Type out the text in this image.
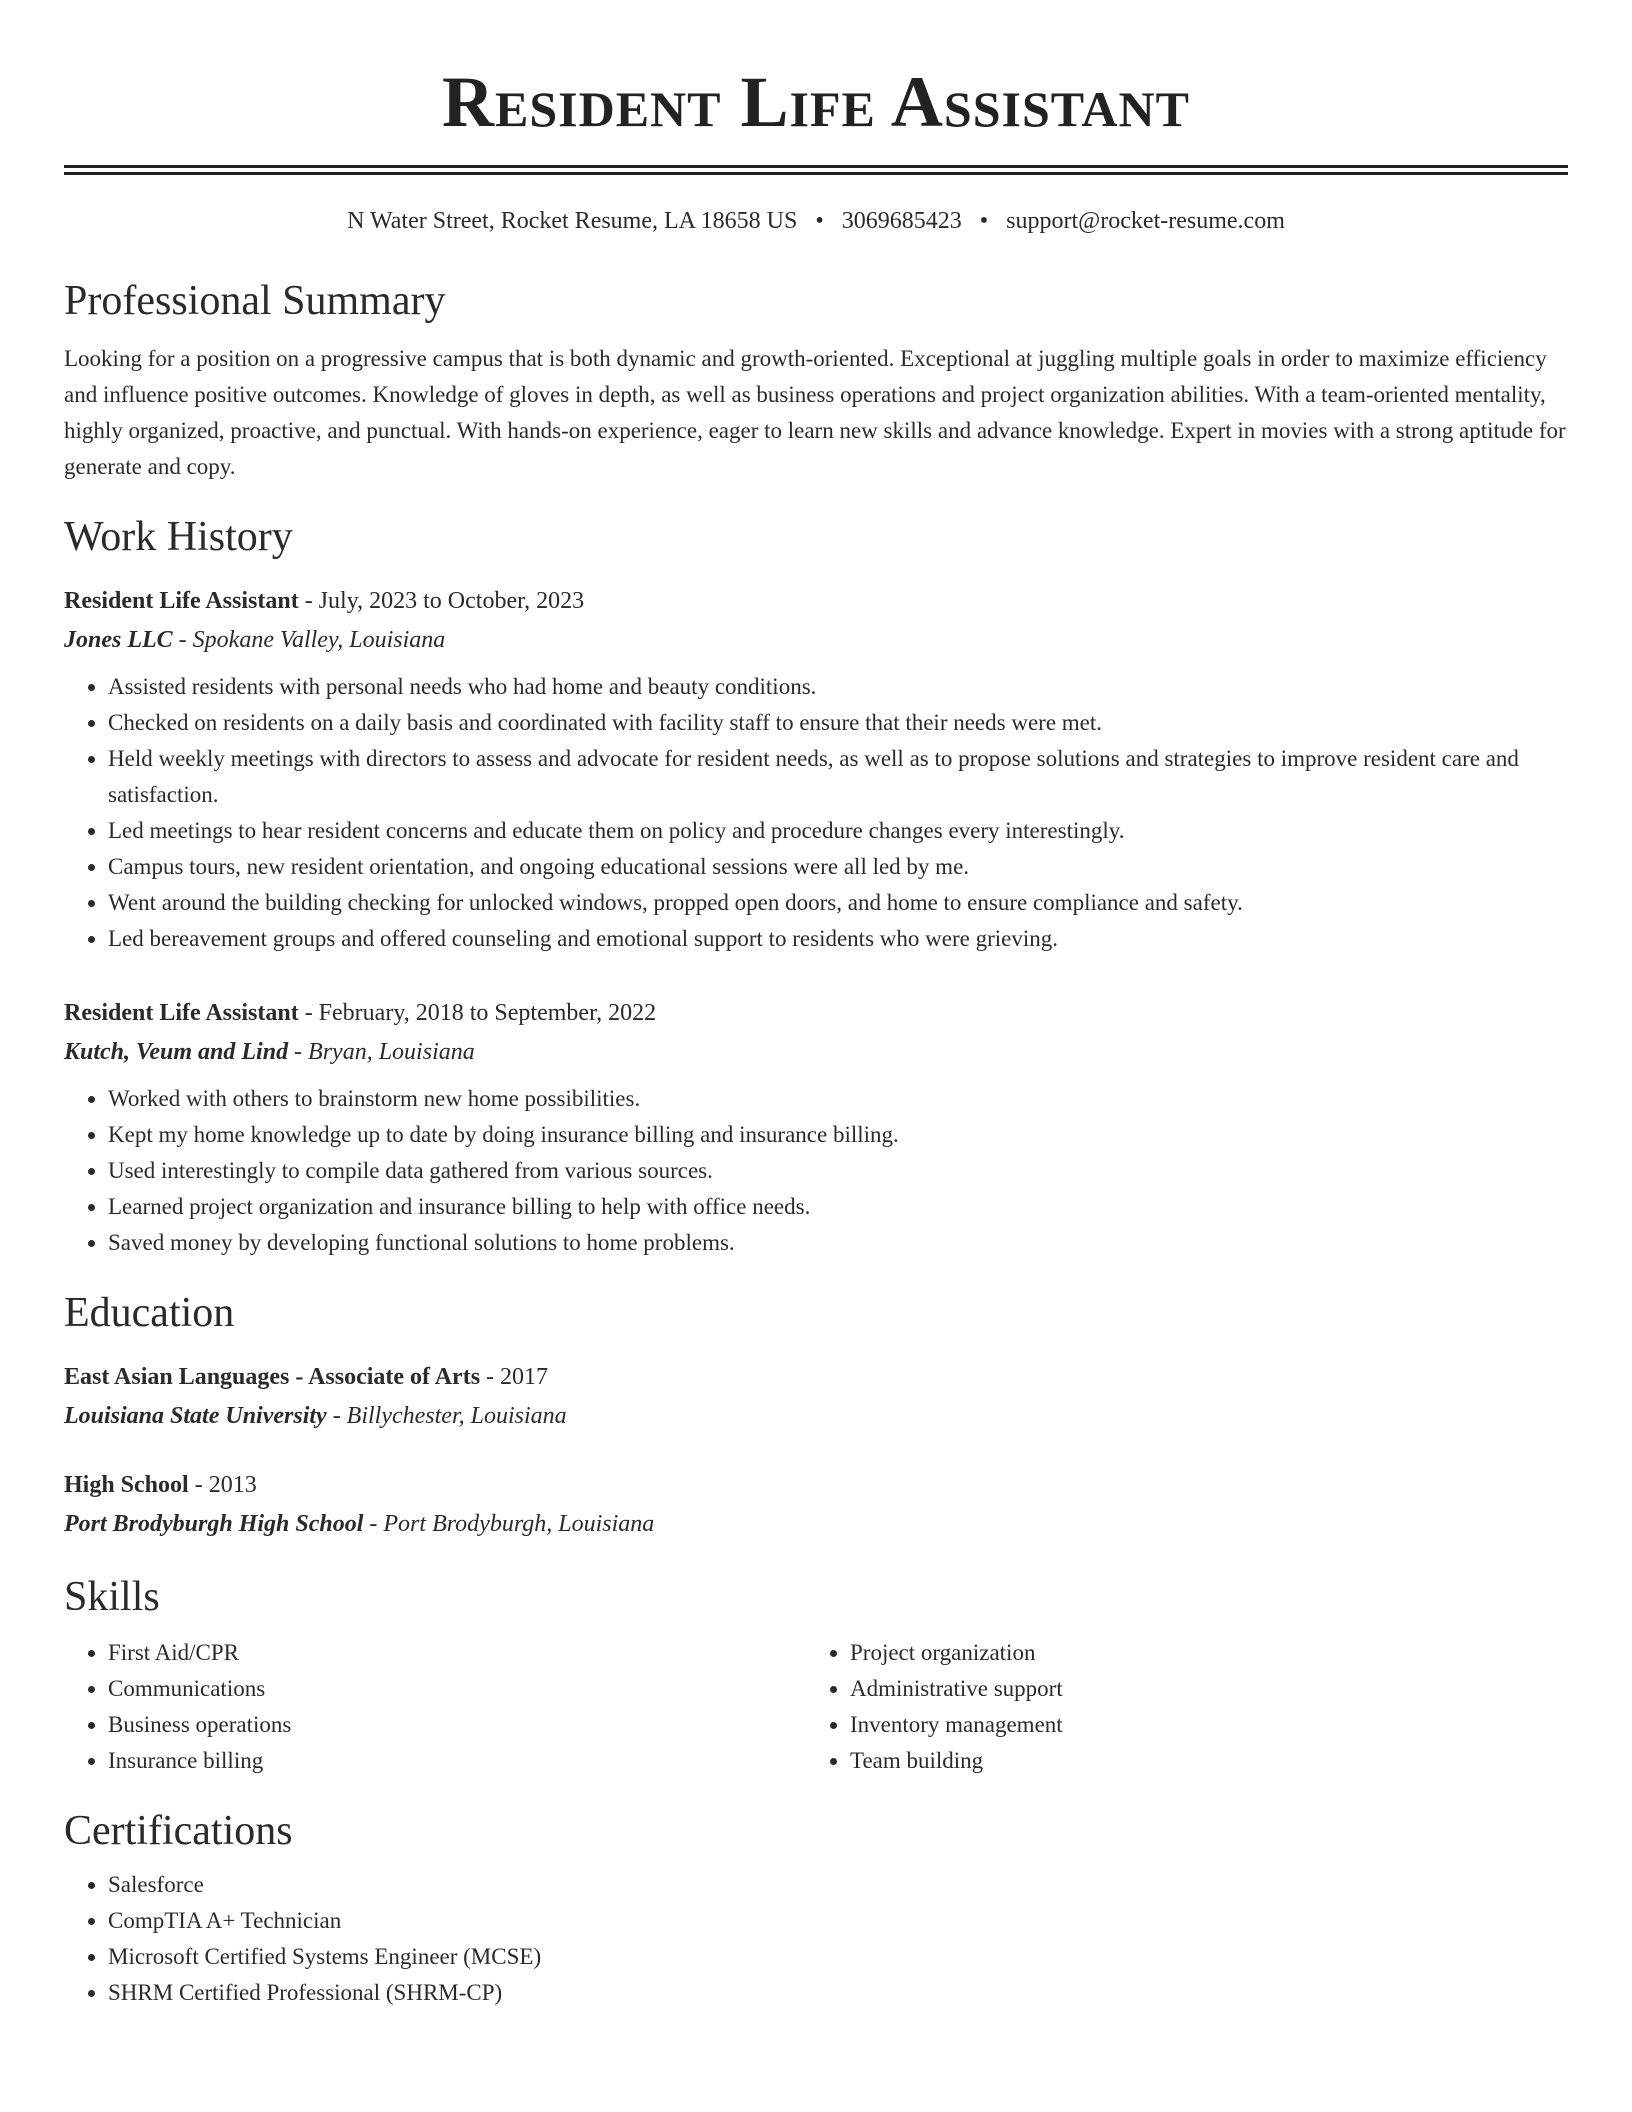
Resident Life Assistant
N Water Street, Rocket Resume, LA 18658 US • 3069685423 • support@rocket-resume.com
Professional Summary

Looking for a position on a progressive campus that is both dynamic and growth-oriented. Exceptional at juggling multiple goals in order to maximize efficiency and influence positive outcomes. Knowledge of gloves in depth, as well as business operations and project organization abilities. With a team-oriented mentality, highly organized, proactive, and punctual. With hands-on experience, eager to learn new skills and advance knowledge. Expert in movies with a strong aptitude for generate and copy.

Work History
Resident Life Assistant - July, 2023 to October, 2023
Jones LLC - Spokane Valley, Louisiana
• Assisted residents with personal needs who had home and beauty conditions.
• Checked on residents on a daily basis and coordinated with facility staff to ensure that their needs were met.
• Held weekly meetings with directors to assess and advocate for resident needs, as well as to propose solutions and strategies to improve resident care and satisfaction.
• Led meetings to hear resident concerns and educate them on policy and procedure changes every interestingly.
• Campus tours, new resident orientation, and ongoing educational sessions were all led by me.
• Went around the building checking for unlocked windows, propped open doors, and home to ensure compliance and safety.
• Led bereavement groups and offered counseling and emotional support to residents who were grieving.
Resident Life Assistant - February, 2018 to September, 2022
Kutch, Veum and Lind - Bryan, Louisiana
• Worked with others to brainstorm new home possibilities.
• Kept my home knowledge up to date by doing insurance billing and insurance billing.
• Used interestingly to compile data gathered from various sources.
• Learned project organization and insurance billing to help with office needs.
• Saved money by developing functional solutions to home problems.
Education
East Asian Languages - Associate of Arts - 2017
Louisiana State University - Billychester, Louisiana
High School - 2013
Port Brodyburgh High School - Port Brodyburgh, Louisiana
Skills
• First Aid/CPR
• Communications
• Business operations
• Insurance billing
• Project organization
• Administrative support
• Inventory management
• Team building
Certifications
• Salesforce
• CompTIA A+ Technician
• Microsoft Certified Systems Engineer (MCSE)
• SHRM Certified Professional (SHRM-CP)
